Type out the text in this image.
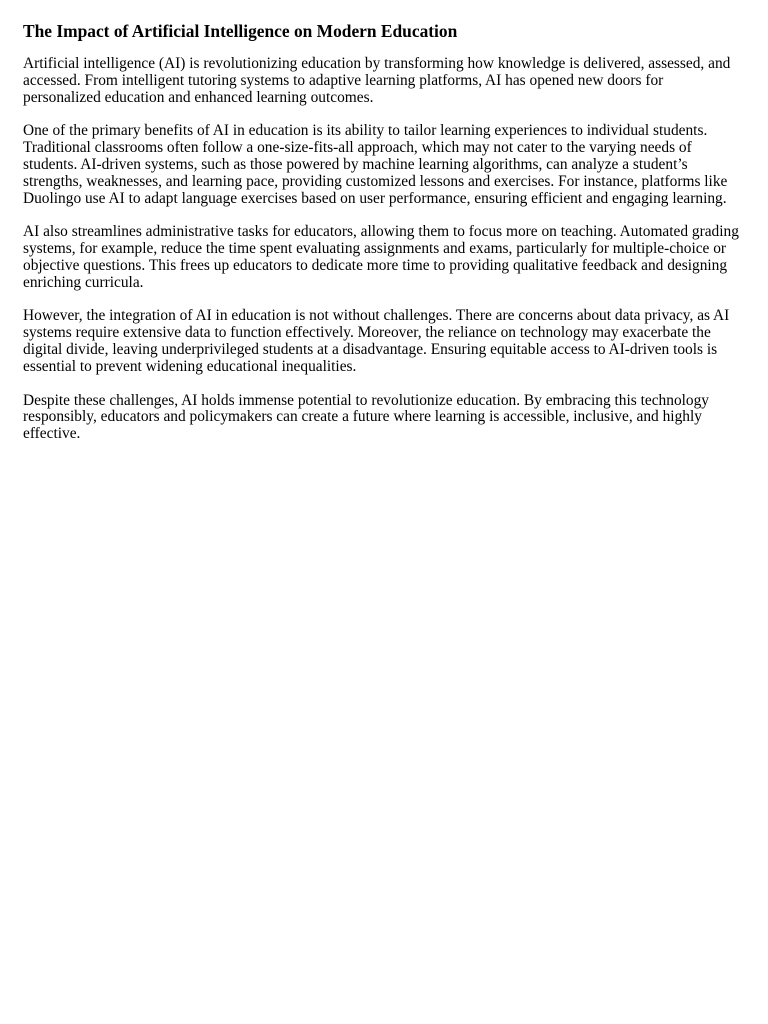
The Impact of Artificial Intelligence on Modern Education

Artificial intelligence (AI) is revolutionizing education by transforming how knowledge is delivered, assessed, and accessed. From intelligent tutoring systems to adaptive learning platforms, AI has opened new doors for personalized education and enhanced learning outcomes.

One of the primary benefits of AI in education is its ability to tailor learning experiences to individual students. Traditional classrooms often follow a one-size-fits-all approach, which may not cater to the varying needs of students. AI-driven systems, such as those powered by machine learning algorithms, can analyze a student’s strengths, weaknesses, and learning pace, providing customized lessons and exercises. For instance, platforms like Duolingo use AI to adapt language exercises based on user performance, ensuring efficient and engaging learning.

AI also streamlines administrative tasks for educators, allowing them to focus more on teaching. Automated grading systems, for example, reduce the time spent evaluating assignments and exams, particularly for multiple-choice or objective questions. This frees up educators to dedicate more time to providing qualitative feedback and designing enriching curricula.

However, the integration of AI in education is not without challenges. There are concerns about data privacy, as AI systems require extensive data to function effectively. Moreover, the reliance on technology may exacerbate the digital divide, leaving underprivileged students at a disadvantage. Ensuring equitable access to AI-driven tools is essential to prevent widening educational inequalities.

Despite these challenges, AI holds immense potential to revolutionize education. By embracing this technology responsibly, educators and policymakers can create a future where learning is accessible, inclusive, and highly effective.
